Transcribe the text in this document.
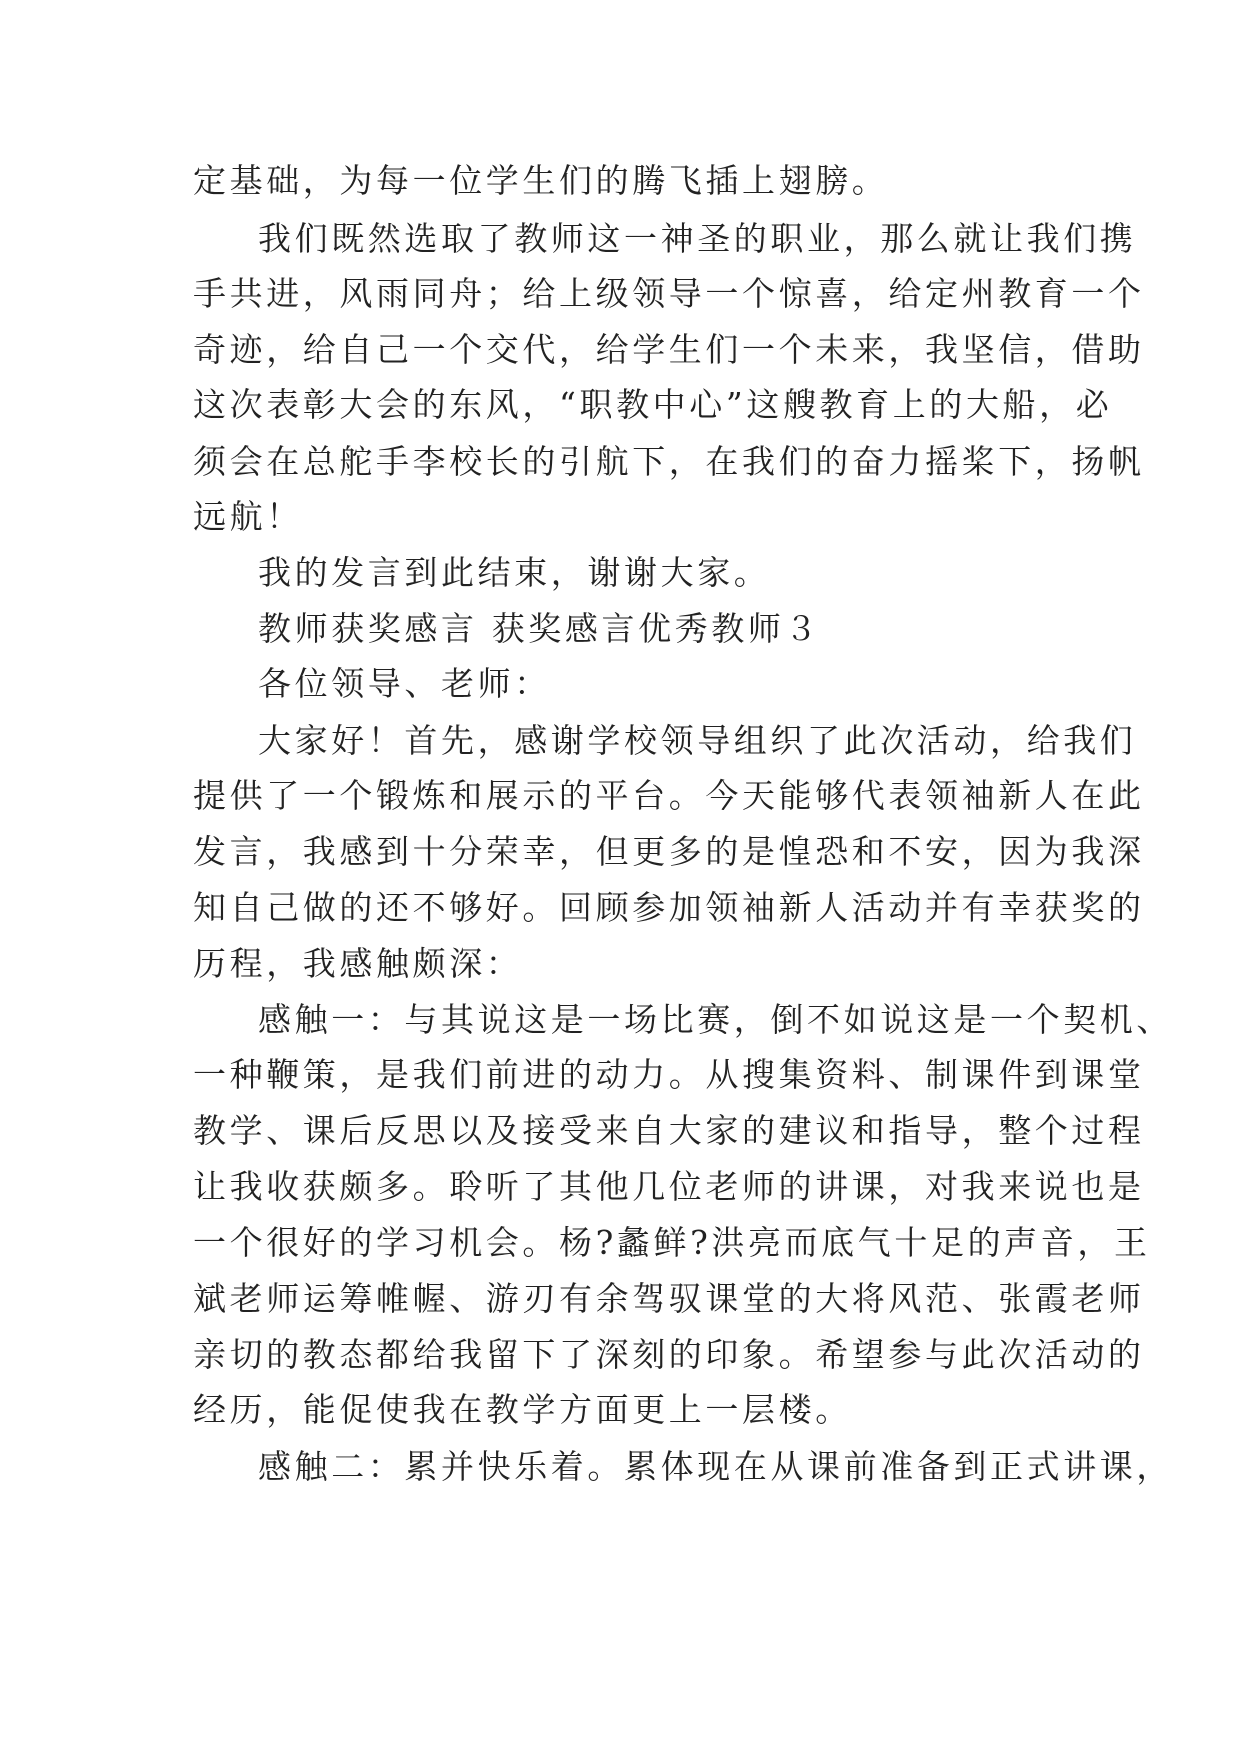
定基础，为每一位学生们的腾飞插上翅膀。
我们既然选取了教师这一神圣的职业，那么就让我们携
手共进，风雨同舟；给上级领导一个惊喜，给定州教育一个
奇迹，给自己一个交代，给学生们一个未来，我坚信，借助
这次表彰大会的东风，“职教中心”这艘教育上的大船，必
须会在总舵手李校长的引航下，在我们的奋力摇桨下，扬帆
远航！
我的发言到此结束，谢谢大家。
教师获奖感言 获奖感言优秀教师３
各位领导、老师：
大家好！首先，感谢学校领导组织了此次活动，给我们
提供了一个锻炼和展示的平台。今天能够代表领袖新人在此
发言，我感到十分荣幸，但更多的是惶恐和不安，因为我深
知自己做的还不够好。回顾参加领袖新人活动并有幸获奖的
历程，我感触颇深：
感触一：与其说这是一场比赛，倒不如说这是一个契机、
一种鞭策，是我们前进的动力。从搜集资料、制课件到课堂
教学、课后反思以及接受来自大家的建议和指导，整个过程
让我收获颇多。聆听了其他几位老师的讲课，对我来说也是
一个很好的学习机会。杨?蠡鲜?洪亮而底气十足的声音，王
斌老师运筹帷幄、游刃有余驾驭课堂的大将风范、张霞老师
亲切的教态都给我留下了深刻的印象。希望参与此次活动的
经历，能促使我在教学方面更上一层楼。
感触二：累并快乐着。累体现在从课前准备到正式讲课，
